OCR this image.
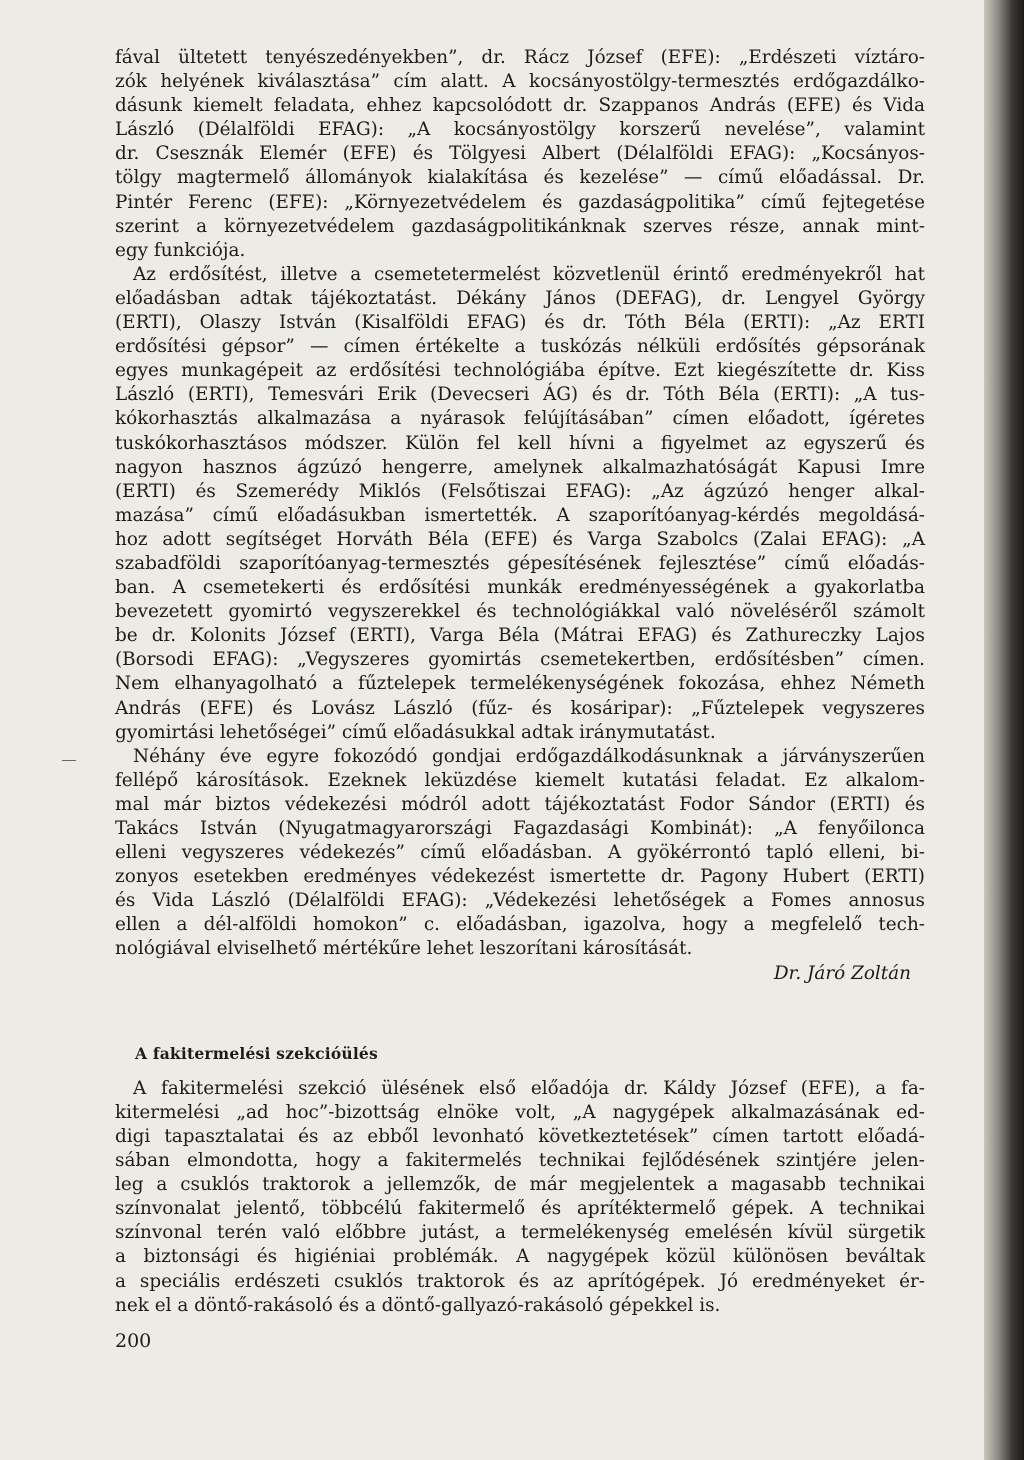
fával ültetett tenyészedényekben”, dr. Rácz József (EFE): „Erdészeti víztáro-
zók helyének kiválasztása” cím alatt. A kocsányostölgy-termesztés erdőgazdálko-
dásunk kiemelt feladata, ehhez kapcsolódott dr. Szappanos András (EFE) és Vida
László (Délalföldi EFAG): „A kocsányostölgy korszerű nevelése”, valamint
dr. Csesznák Elemér (EFE) és Tölgyesi Albert (Délalföldi EFAG): „Kocsányos-
tölgy magtermelő állományok kialakítása és kezelése” — című előadással. Dr.
Pintér Ferenc (EFE): „Környezetvédelem és gazdaságpolitika” című fejtegetése
szerint a környezetvédelem gazdaságpolitikánknak szerves része, annak mint-
egy funkciója.
Az erdősítést, illetve a csemetetermelést közvetlenül érintő eredményekről hat
előadásban adtak tájékoztatást. Dékány János (DEFAG), dr. Lengyel György
(ERTI), Olaszy István (Kisalföldi EFAG) és dr. Tóth Béla (ERTI): „Az ERTI
erdősítési gépsor” — címen értékelte a tuskózás nélküli erdősítés gépsorának
egyes munkagépeit az erdősítési technológiába építve. Ezt kiegészítette dr. Kiss
László (ERTI), Temesvári Erik (Devecseri ÁG) és dr. Tóth Béla (ERTI): „A tus-
kókorhasztás alkalmazása a nyárasok felújításában” címen előadott, ígéretes
tuskókorhasztásos módszer. Külön fel kell hívni a figyelmet az egyszerű és
nagyon hasznos ágzúzó hengerre, amelynek alkalmazhatóságát Kapusi Imre
(ERTI) és Szemerédy Miklós (Felsőtiszai EFAG): „Az ágzúzó henger alkal-
mazása” című előadásukban ismertették. A szaporítóanyag-kérdés megoldásá-
hoz adott segítséget Horváth Béla (EFE) és Varga Szabolcs (Zalai EFAG): „A
szabadföldi szaporítóanyag-termesztés gépesítésének fejlesztése” című előadás-
ban. A csemetekerti és erdősítési munkák eredményességének a gyakorlatba
bevezetett gyomirtó vegyszerekkel és technológiákkal való növeléséről számolt
be dr. Kolonits József (ERTI), Varga Béla (Mátrai EFAG) és Zathureczky Lajos
(Borsodi EFAG): „Vegyszeres gyomirtás csemetekertben, erdősítésben” címen.
Nem elhanyagolható a fűztelepek termelékenységének fokozása, ehhez Németh
András (EFE) és Lovász László (fűz- és kosáripar): „Fűztelepek vegyszeres
gyomirtási lehetőségei” című előadásukkal adtak iránymutatást.
Néhány éve egyre fokozódó gondjai erdőgazdálkodásunknak a járványszerűen
fellépő károsítások. Ezeknek leküzdése kiemelt kutatási feladat. Ez alkalom-
mal már biztos védekezési módról adott tájékoztatást Fodor Sándor (ERTI) és
Takács István (Nyugatmagyarországi Fagazdasági Kombinát): „A fenyőilonca
elleni vegyszeres védekezés” című előadásban. A gyökérrontó tapló elleni, bi-
zonyos esetekben eredményes védekezést ismertette dr. Pagony Hubert (ERTI)
és Vida László (Délalföldi EFAG): „Védekezési lehetőségek a Fomes annosus
ellen a dél-alföldi homokon” c. előadásban, igazolva, hogy a megfelelő tech-
nológiával elviselhető mértékűre lehet leszorítani károsítását.
Dr. Járó Zoltán
A fakitermelési szekcióülés
A fakitermelési szekció ülésének első előadója dr. Káldy József (EFE), a fa-
kitermelési „ad hoc”-bizottság elnöke volt, „A nagygépek alkalmazásának ed-
digi tapasztalatai és az ebből levonható következtetések” címen tartott előadá-
sában elmondotta, hogy a fakitermelés technikai fejlődésének szintjére jelen-
leg a csuklós traktorok a jellemzők, de már megjelentek a magasabb technikai
színvonalat jelentő, többcélú fakitermelő és aprítéktermelő gépek. A technikai
színvonal terén való előbbre jutást, a termelékenység emelésén kívül sürgetik
a biztonsági és higiéniai problémák. A nagygépek közül különösen beváltak
a speciális erdészeti csuklós traktorok és az aprítógépek. Jó eredményeket ér-
nek el a döntő-rakásoló és a döntő-gallyazó-rakásoló gépekkel is.
200
